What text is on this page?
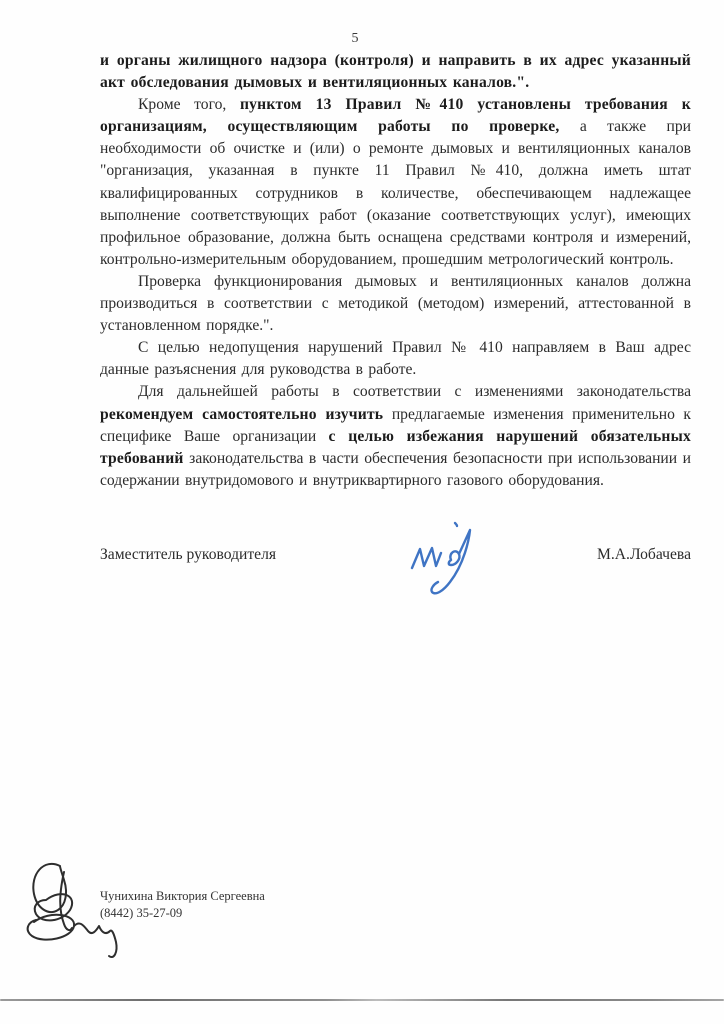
5

и органы жилищного надзора (контроля) и направить в их адрес указанный акт обследования дымовых и вентиляционных каналов.".

Кроме того, пунктом 13 Правил №410 установлены требования к организациям, осуществляющим работы по проверке, а также при необходимости об очистке и (или) о ремонте дымовых и вентиляционных каналов "организация, указанная в пункте 11 Правил №410, должна иметь штат квалифицированных сотрудников в количестве, обеспечивающем надлежащее выполнение соответствующих работ (оказание соответствующих услуг), имеющих профильное образование, должна быть оснащена средствами контроля и измерений, контрольно-измерительным оборудованием, прошедшим метрологический контроль.

Проверка функционирования дымовых и вентиляционных каналов должна производиться в соответствии с методикой (методом) измерений, аттестованной в установленном порядке.".

С целью недопущения нарушений Правил № 410 направляем в Ваш адрес данные разъяснения для руководства в работе.

Для дальнейшей работы в соответствии с изменениями законодательства рекомендуем самостоятельно изучить предлагаемые изменения применительно к специфике Ваше организации с целью избежания нарушений обязательных требований законодательства в части обеспечения безопасности при использовании и содержании внутридомового и внутриквартирного газового оборудования.

Заместитель руководителя	М.А.Лобачева
Чунихина Виктория Сергеевна
(8442) 35-27-09
